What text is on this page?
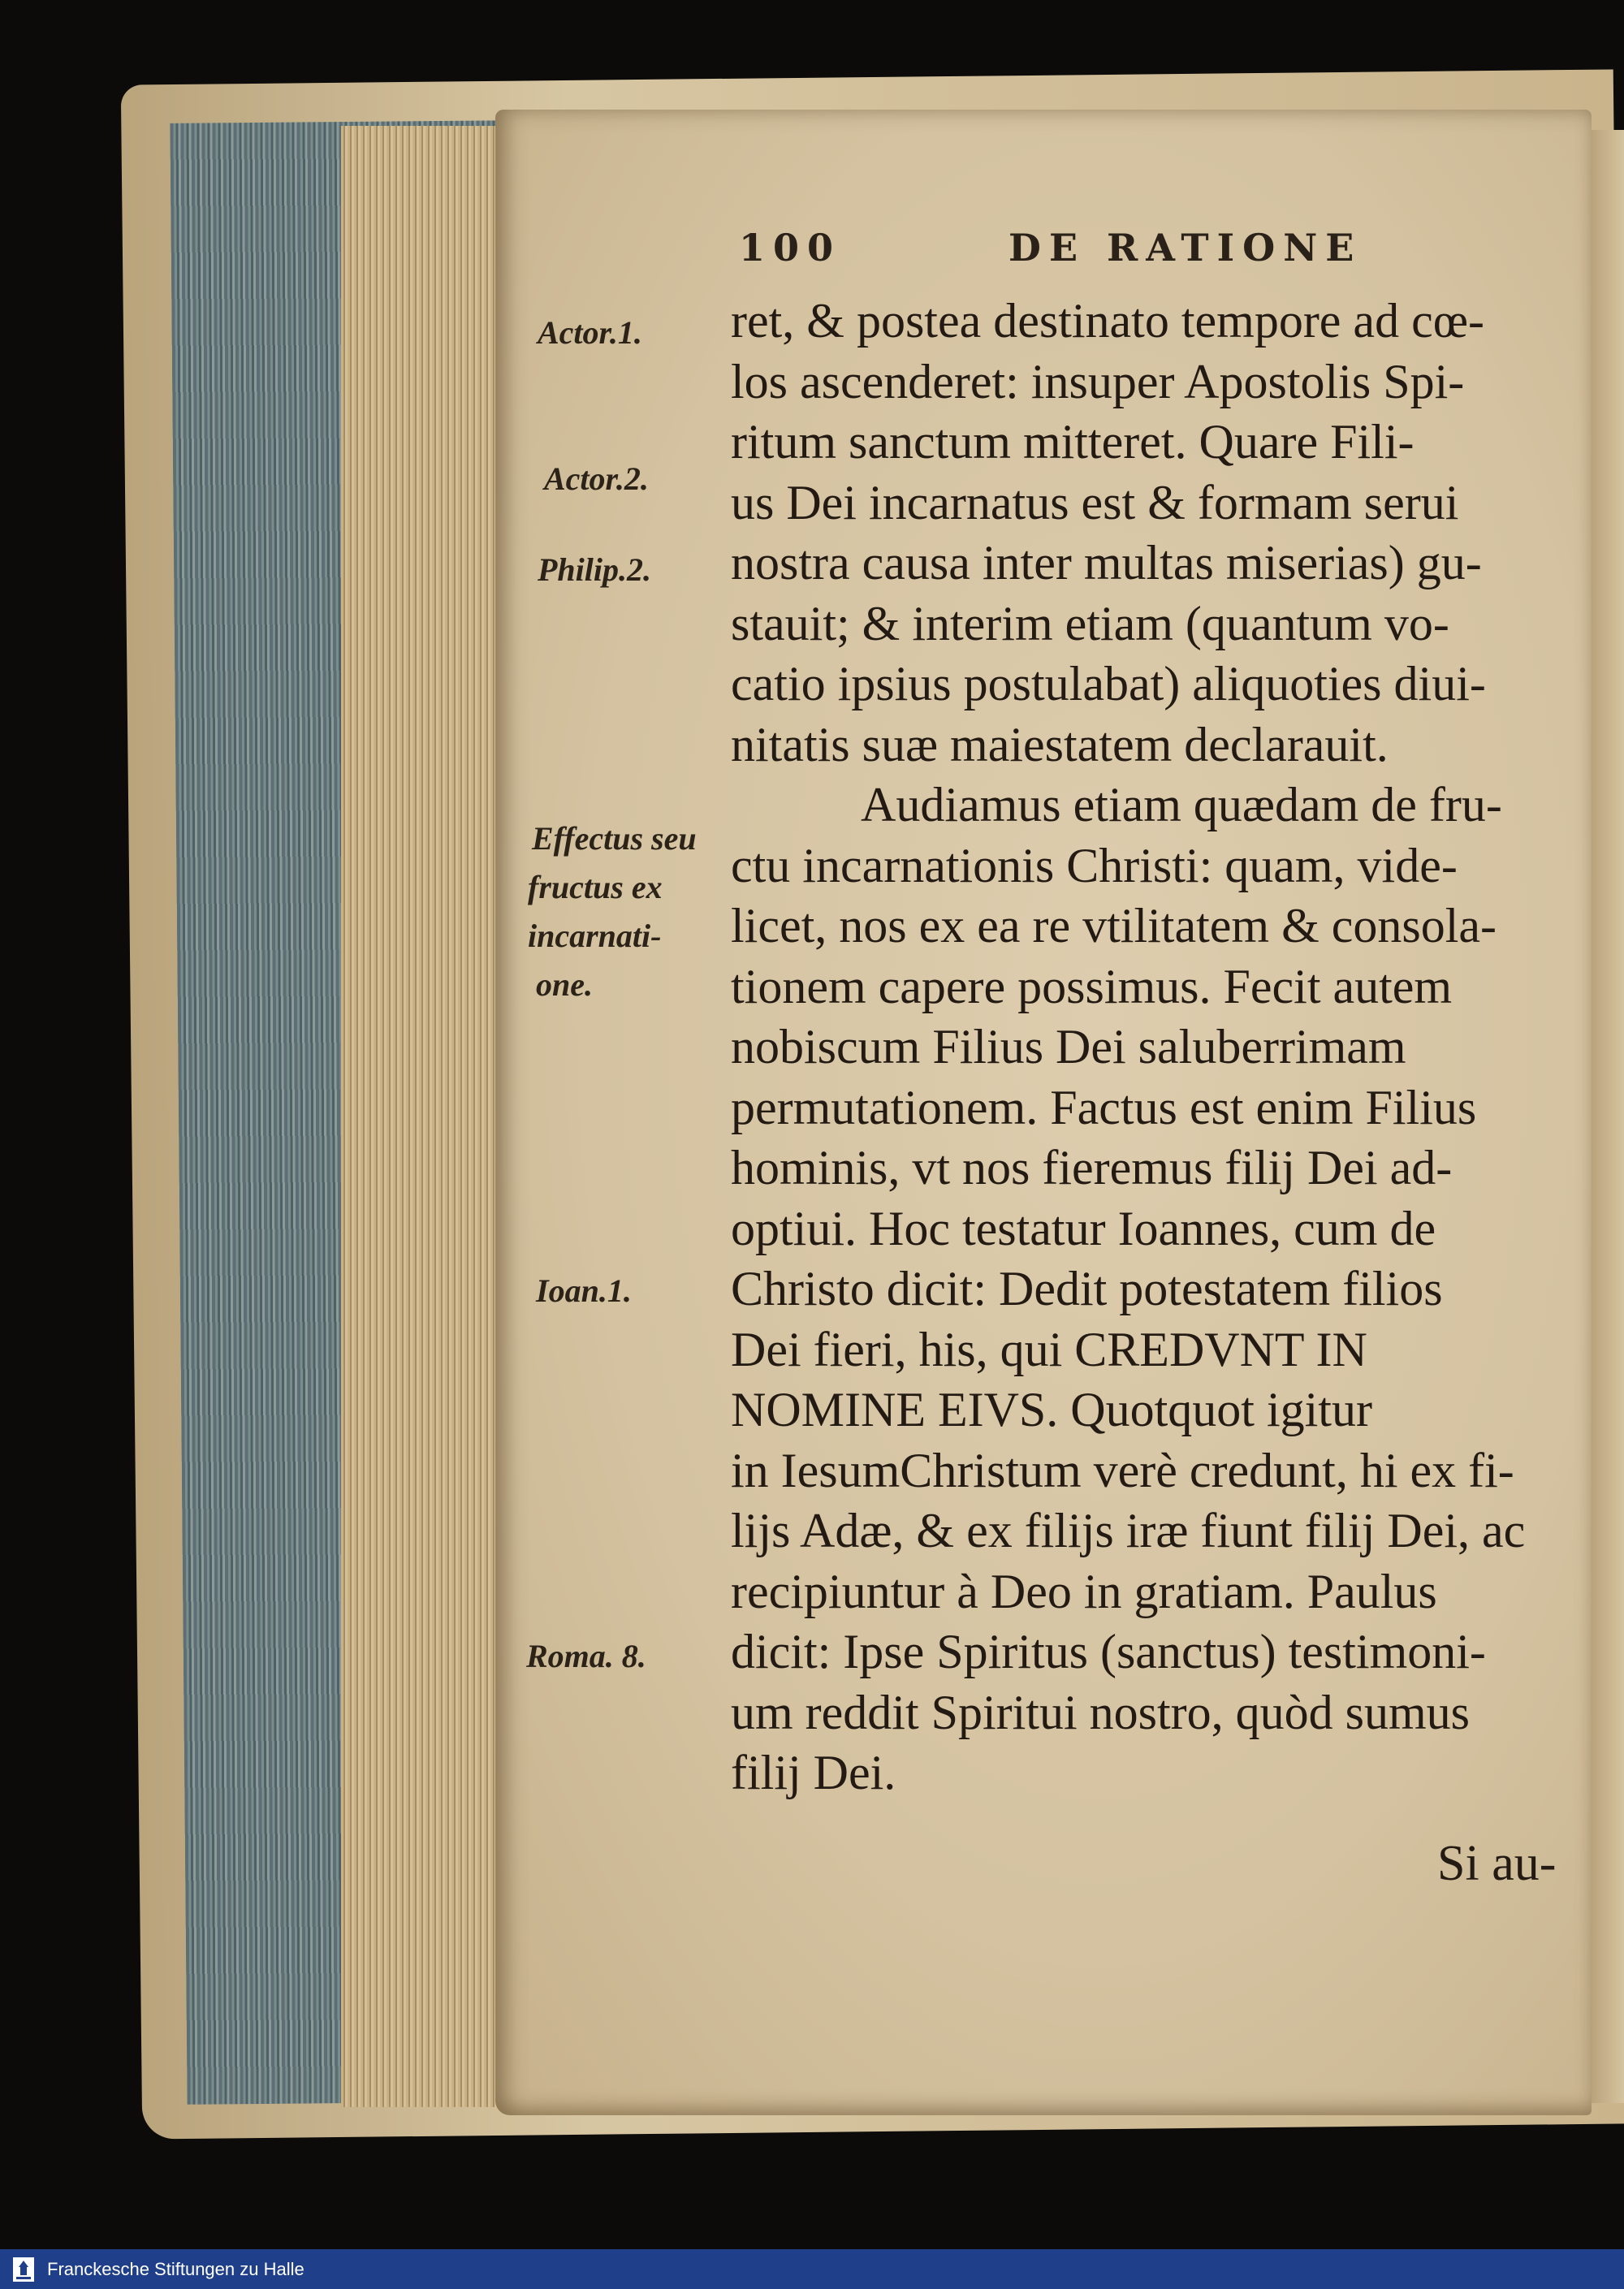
100	DE RATIONE
Actor.1.
Actor.2.
Philip.2.
Effectus seu
fructus ex
incarnati-
one.
Ioan.1.
Roma. 8.
ret, & postea destinato tempore ad cœ-
los ascenderet: insuper Apostolis Spi-
ritum sanctum mitteret. Quare Fili-
us Dei incarnatus est & formam serui
nostra causa inter multas miserias) gu-
stauit; & interim etiam (quantum vo-
catio ipsius postulabat) aliquoties diui-
nitatis suæ maiestatem declarauit.
Audiamus etiam quædam de fru-
ctu incarnationis Christi: quam, vide-
licet, nos ex ea re vtilitatem & consola-
tionem capere possimus. Fecit autem
nobiscum Filius Dei saluberrimam
permutationem. Factus est enim Filius
hominis, vt nos fieremus filij Dei ad-
optiui. Hoc testatur Ioannes, cum de
Christo dicit: Dedit potestatem filios
Dei fieri, his, qui CREDVNT IN
NOMINE EIVS. Quotquot igitur
in IesumChristum verè credunt, hi ex fi-
lijs Adæ, & ex filijs iræ fiunt filij Dei, ac
recipiuntur à Deo in gratiam. Paulus
dicit: Ipse Spiritus (sanctus) testimoni-
um reddit Spiritui nostro, quòd sumus
filij Dei.
Si au-
Franckesche Stiftungen zu Halle
